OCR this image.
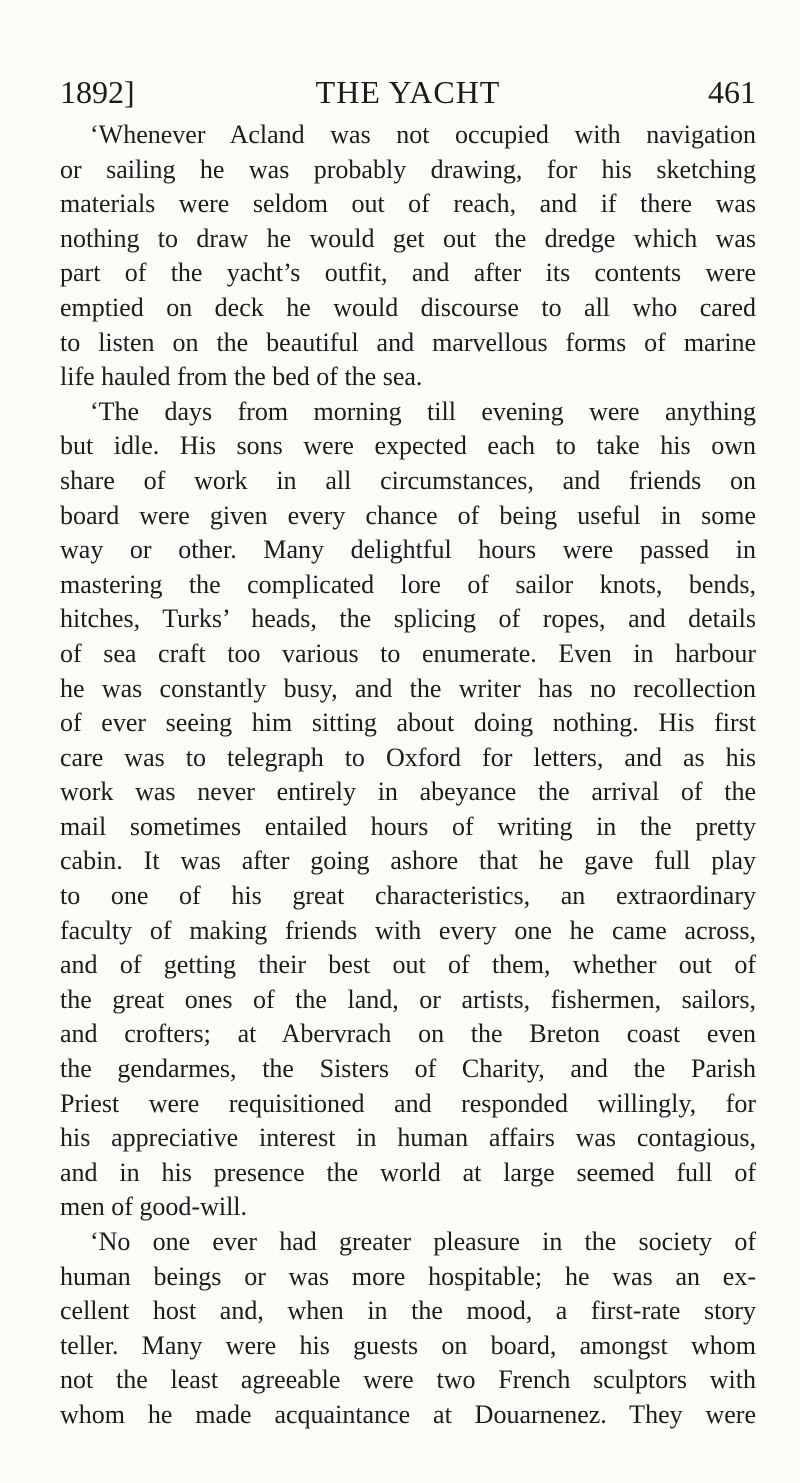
1892]	THE YACHT	461
‘Whenever Acland was not occupied with navigation
or sailing he was probably drawing, for his sketching
materials were seldom out of reach, and if there was
nothing to draw he would get out the dredge which was
part of the yacht’s outfit, and after its contents were
emptied on deck he would discourse to all who cared
to listen on the beautiful and marvellous forms of marine
life hauled from the bed of the sea.
‘The days from morning till evening were anything
but idle. His sons were expected each to take his own
share of work in all circumstances, and friends on
board were given every chance of being useful in some
way or other. Many delightful hours were passed in
mastering the complicated lore of sailor knots, bends,
hitches, Turks’ heads, the splicing of ropes, and details
of sea craft too various to enumerate. Even in harbour
he was constantly busy, and the writer has no recollection
of ever seeing him sitting about doing nothing. His first
care was to telegraph to Oxford for letters, and as his
work was never entirely in abeyance the arrival of the
mail sometimes entailed hours of writing in the pretty
cabin. It was after going ashore that he gave full play
to one of his great characteristics, an extraordinary
faculty of making friends with every one he came across,
and of getting their best out of them, whether out of
the great ones of the land, or artists, fishermen, sailors,
and crofters; at Abervrach on the Breton coast even
the gendarmes, the Sisters of Charity, and the Parish
Priest were requisitioned and responded willingly, for
his appreciative interest in human affairs was contagious,
and in his presence the world at large seemed full of
men of good-will.
‘No one ever had greater pleasure in the society of
human beings or was more hospitable; he was an ex-
cellent host and, when in the mood, a first-rate story
teller. Many were his guests on board, amongst whom
not the least agreeable were two French sculptors with
whom he made acquaintance at Douarnenez. They were
